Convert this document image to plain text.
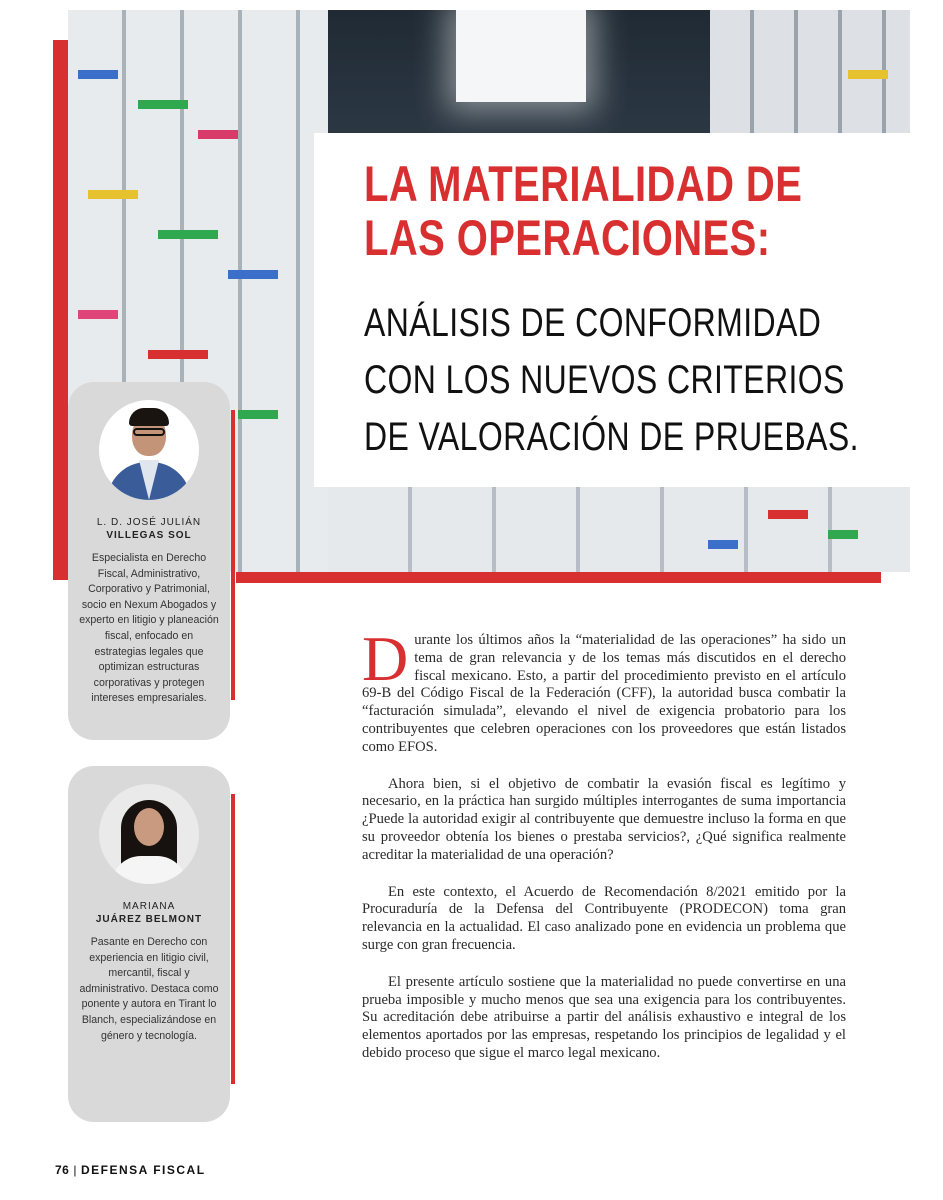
LA MATERIALIDAD DE
LAS OPERACIONES:
ANÁLISIS DE CONFORMIDAD
CON LOS NUEVOS CRITERIOS
DE VALORACIÓN DE PRUEBAS.
L. D. JOSÉ JULIÁN
VILLEGAS SOL
Especialista en Derecho Fiscal, Administrativo, Corporativo y Patrimonial, socio en Nexum Abogados y experto en litigio y planeación fiscal, enfocado en estrategias legales que optimizan estructuras corporativas y protegen intereses empresariales.
MARIANA
JUÁREZ BELMONT
Pasante en Derecho con experiencia en litigio civil, mercantil, fiscal y administrativo. Destaca como ponente y autora en Tirant lo Blanch, especializándose en género y tecnología.

Durante los últimos años la “materialidad de las operaciones” ha sido un tema de gran relevancia y de los temas más discutidos en el derecho fiscal mexicano. Esto, a partir del procedimiento previsto en el artículo 69-B del Código Fiscal de la Federación (CFF), la autoridad busca combatir la “facturación simulada”, elevando el nivel de exigencia probatorio para los contribuyentes que celebren operaciones con los proveedores que están listados como EFOS.

Ahora bien, si el objetivo de combatir la evasión fiscal es legítimo y necesario, en la práctica han surgido múltiples interrogantes de suma importancia ¿Puede la autoridad exigir al contribuyente que demuestre incluso la forma en que su proveedor obtenía los bienes o prestaba servicios?, ¿Qué significa realmente acreditar la materialidad de una operación?

En este contexto, el Acuerdo de Recomendación 8/2021 emitido por la Procuraduría de la Defensa del Contribuyente (PRODECON) toma gran relevancia en la actualidad. El caso analizado pone en evidencia un problema que surge con gran frecuencia.

El presente artículo sostiene que la materialidad no puede convertirse en una prueba imposible y mucho menos que sea una exigencia para los contribuyentes. Su acreditación debe atribuirse a partir del análisis exhaustivo e integral de los elementos aportados por las empresas, respetando los principios de legalidad y el debido proceso que sigue el marco legal mexicano.

76 | DEFENSA FISCAL
